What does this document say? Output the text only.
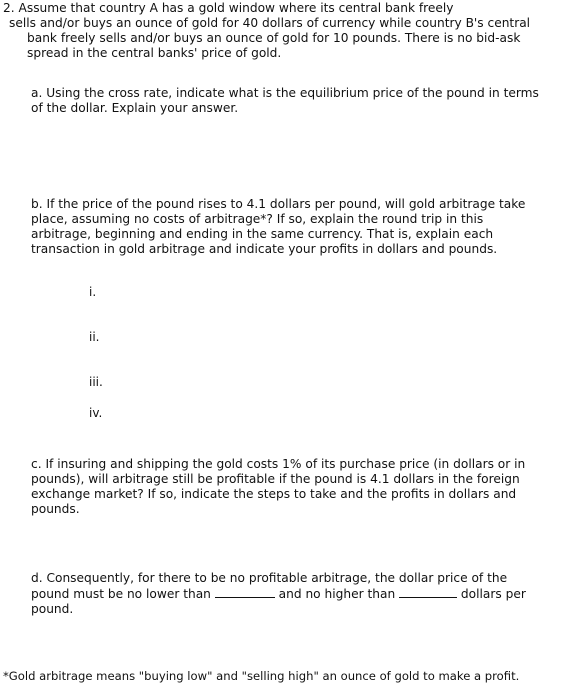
2. Assume that country A has a gold window where its central bank freely
sells and/or buys an ounce of gold for 40 dollars of currency while country B's central
bank freely sells and/or buys an ounce of gold for 10 pounds. There is no bid-ask
spread in the central banks' price of gold.
a. Using the cross rate, indicate what is the equilibrium price of the pound in terms
of the dollar. Explain your answer.
b. If the price of the pound rises to 4.1 dollars per pound, will gold arbitrage take
place, assuming no costs of arbitrage*? If so, explain the round trip in this
arbitrage, beginning and ending in the same currency. That is, explain each
transaction in gold arbitrage and indicate your profits in dollars and pounds.
i.
ii.
iii.
iv.
c. If insuring and shipping the gold costs 1% of its purchase price (in dollars or in
pounds), will arbitrage still be profitable if the pound is 4.1 dollars in the foreign
exchange market? If so, indicate the steps to take and the profits in dollars and
pounds.
d. Consequently, for there to be no profitable arbitrage, the dollar price of the
pound must be no lower than	and no higher than	dollars per
pound.
*Gold arbitrage means "buying low" and "selling high" an ounce of gold to make a profit.
